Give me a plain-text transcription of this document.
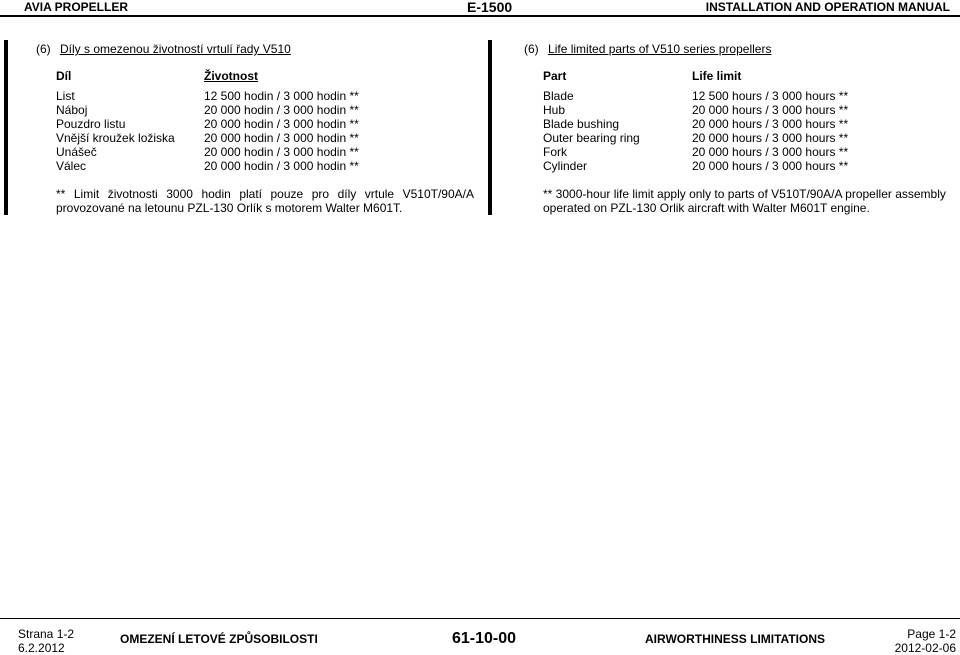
AVIA PROPELLER	E-1500	INSTALLATION AND OPERATION MANUAL
(6) Díly s omezenou životností vrtulí řady V510
Díl	Životnost
List	12 500 hodin / 3 000 hodin **
Náboj	20 000 hodin / 3 000 hodin **
Pouzdro listu	20 000 hodin / 3 000 hodin **
Vnější kroužek ložiska 20 000 hodin / 3 000 hodin **
Unášeč	20 000 hodin / 3 000 hodin **
Válec	20 000 hodin / 3 000 hodin **
** Limit životnosti 3000 hodin platí pouze pro díly vrtule V510T/90A/A provozované na letounu PZL-130 Orlík s motorem Walter M601T.
(6) Life limited parts of V510 series propellers
Part	Life limit
Blade	12 500 hours / 3 000 hours **
Hub	20 000 hours / 3 000 hours **
Blade bushing	20 000 hours / 3 000 hours **
Outer bearing ring	20 000 hours / 3 000 hours **
Fork	20 000 hours / 3 000 hours **
Cylinder	20 000 hours / 3 000 hours **
** 3000-hour life limit apply only to parts of V510T/90A/A propeller assembly operated on PZL-130 Orlik aircraft with Walter M601T engine.
Strana 1-2
6.2.2012
OMEZENÍ LETOVÉ ZPŮSOBILOSTI	61-10-00	AIRWORTHINESS LIMITATIONS	Page 1-2
2012-02-06
